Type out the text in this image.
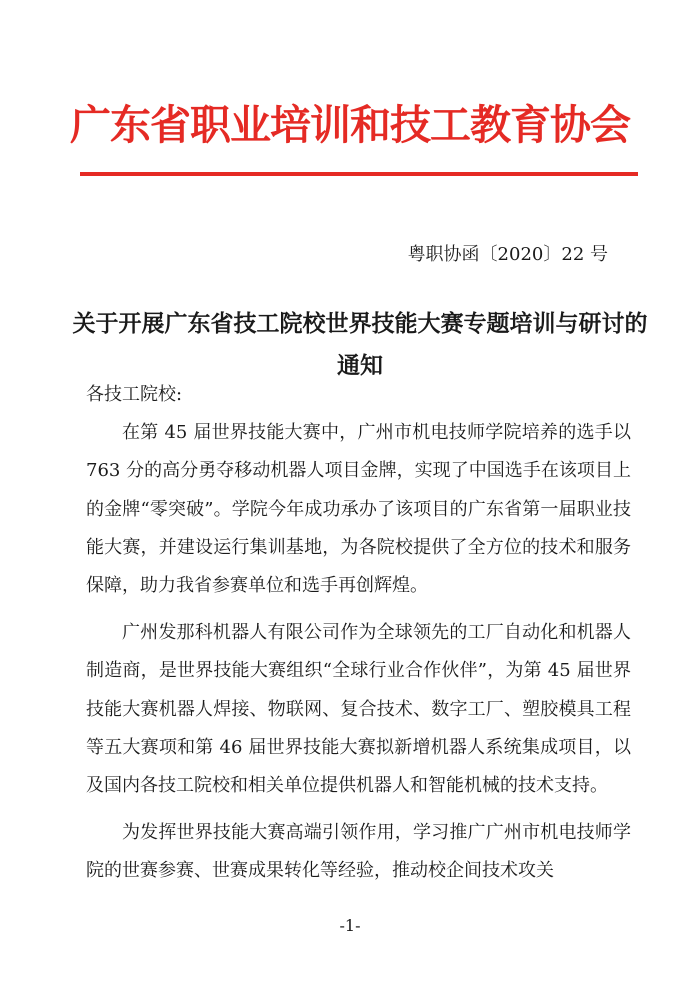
广东省职业培训和技工教育协会
粤职协函〔2020〕22 号
关于开展广东省技工院校世界技能大赛专题培训与研讨的通知

各技工院校:

在第 45 届世界技能大赛中，广州市机电技师学院培养的选手以 763 分的高分勇夺移动机器人项目金牌，实现了中国选手在该项目上的金牌“零突破”。学院今年成功承办了该项目的广东省第一届职业技能大赛，并建设运行集训基地，为各院校提供了全方位的技术和服务保障，助力我省参赛单位和选手再创辉煌。

广州发那科机器人有限公司作为全球领先的工厂自动化和机器人制造商，是世界技能大赛组织“全球行业合作伙伴”，为第 45 届世界技能大赛机器人焊接、物联网、复合技术、数字工厂、塑胶模具工程等五大赛项和第 46 届世界技能大赛拟新增机器人系统集成项目，以及国内各技工院校和相关单位提供机器人和智能机械的技术支持。

为发挥世界技能大赛高端引领作用，学习推广广州市机电技师学院的世赛参赛、世赛成果转化等经验，推动校企间技术攻关

-1-
